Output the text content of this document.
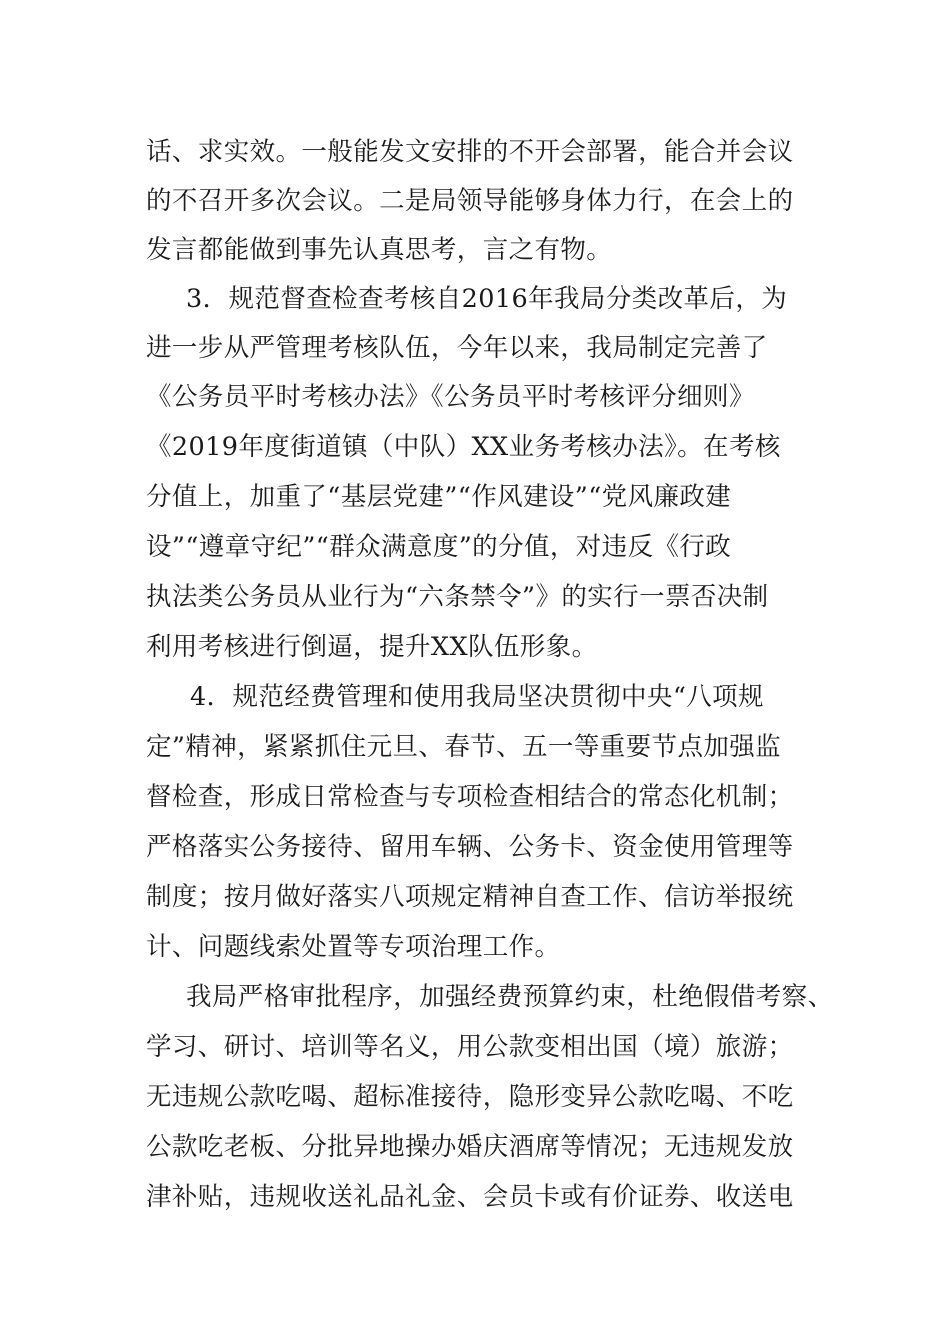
话、求实效。一般能发文安排的不开会部署，能合并会议
的不召开多次会议。二是局领导能够身体力行，在会上的
发言都能做到事先认真思考，言之有物。
3．规范督查检查考核自2016年我局分类改革后，为
进一步从严管理考核队伍，今年以来，我局制定完善了
《公务员平时考核办法》《公务员平时考核评分细则》
《2019年度街道镇（中队）XX业务考核办法》。在考核
分值上，加重了“基层党建”“作风建设”“党风廉政建
设”“遵章守纪”“群众满意度”的分值，对违反《行政
执法类公务员从业行为“六条禁令”》的实行一票否决制
利用考核进行倒逼，提升XX队伍形象。
4．规范经费管理和使用我局坚决贯彻中央“八项规
定”精神，紧紧抓住元旦、春节、五一等重要节点加强监
督检查，形成日常检查与专项检查相结合的常态化机制；
严格落实公务接待、留用车辆、公务卡、资金使用管理等
制度；按月做好落实八项规定精神自查工作、信访举报统
计、问题线索处置等专项治理工作。
我局严格审批程序，加强经费预算约束，杜绝假借考察、
学习、研讨、培训等名义，用公款变相出国（境）旅游；
无违规公款吃喝、超标准接待，隐形变异公款吃喝、不吃
公款吃老板、分批异地操办婚庆酒席等情况；无违规发放
津补贴，违规收送礼品礼金、会员卡或有价证券、收送电
